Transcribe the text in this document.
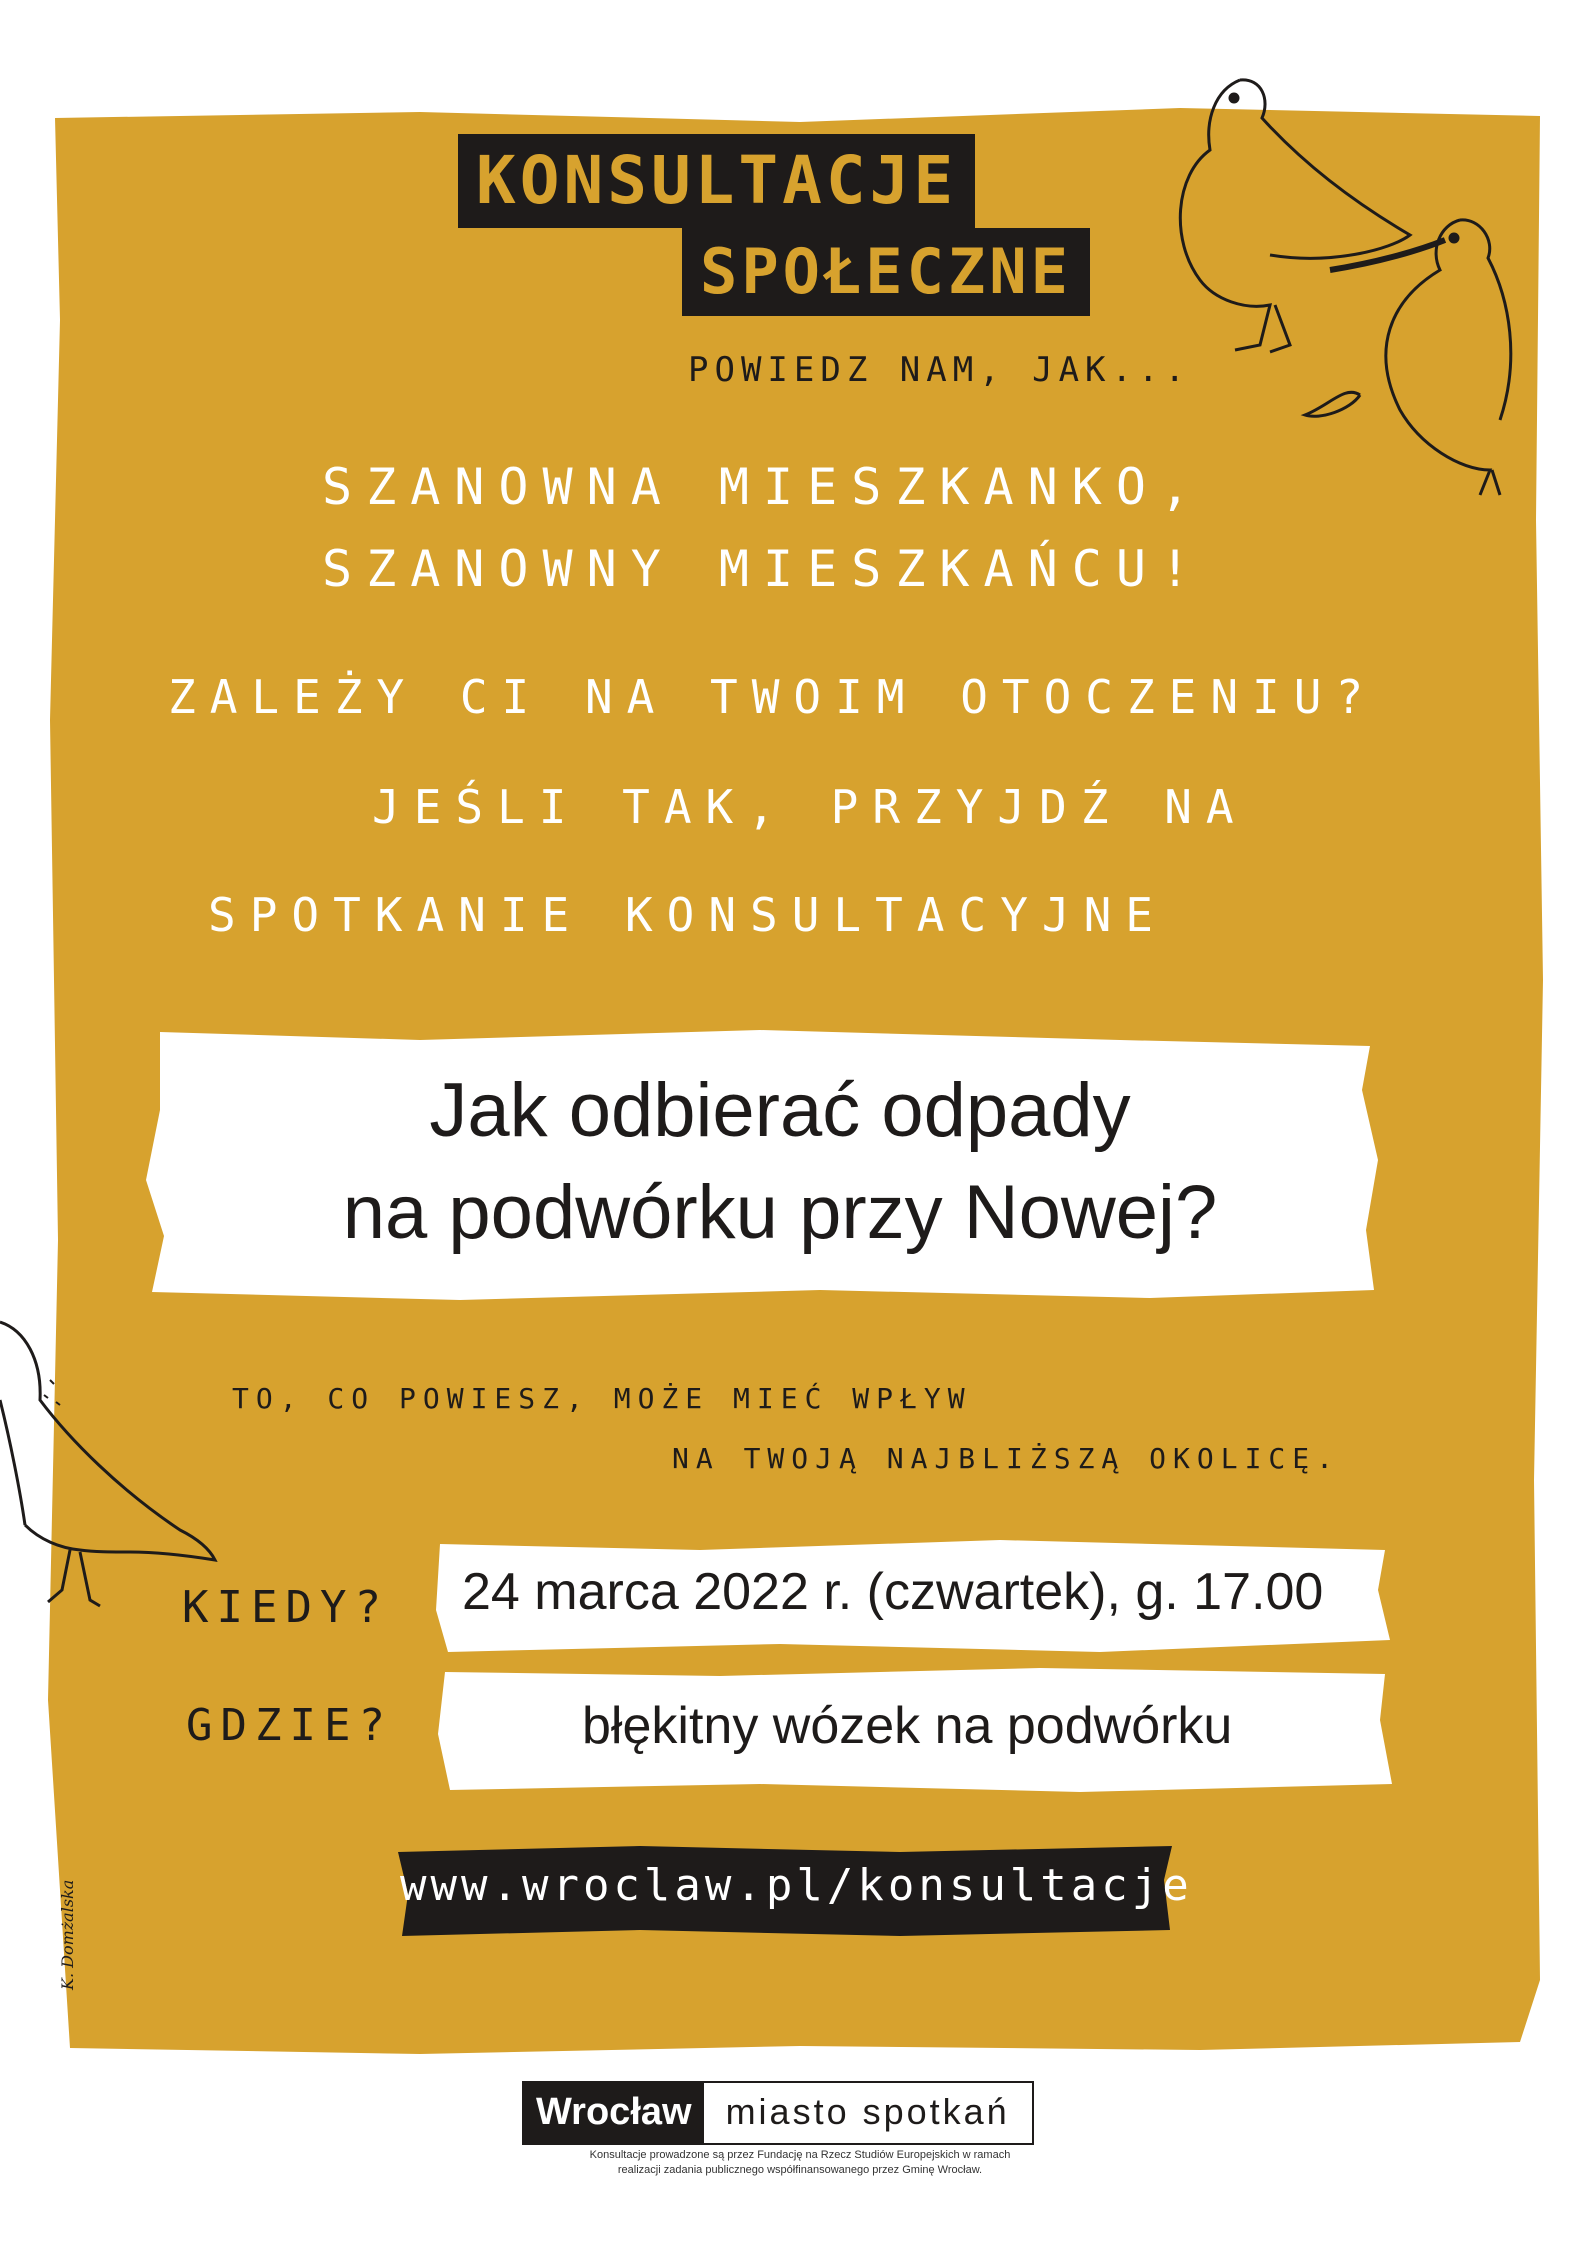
KONSULTACJE
SPOŁECZNE
POWIEDZ NAM, JAK...
SZANOWNA MIESZKANKO,
SZANOWNY MIESZKAŃCU!
ZALEŻY CI NA TWOIM OTOCZENIU?
JEŚLI TAK, PRZYJDŹ NA
SPOTKANIE KONSULTACYJNE
Jak odbierać odpady
na podwórku przy Nowej?
TO, CO POWIESZ, MOŻE MIEĆ WPŁYW
NA TWOJĄ NAJBLIŻSZĄ OKOLICĘ.
KIEDY? 24 marca 2022 r. (czwartek), g. 17.00
GDZIE?	błękitny wózek na podwórku
www.wroclaw.pl/konsultacje
K. Domżalska
Wrocław miasto spotkań
Konsultacje prowadzone są przez Fundację na Rzecz Studiów Europejskich w ramach
realizacji zadania publicznego współfinansowanego przez Gminę Wrocław.
